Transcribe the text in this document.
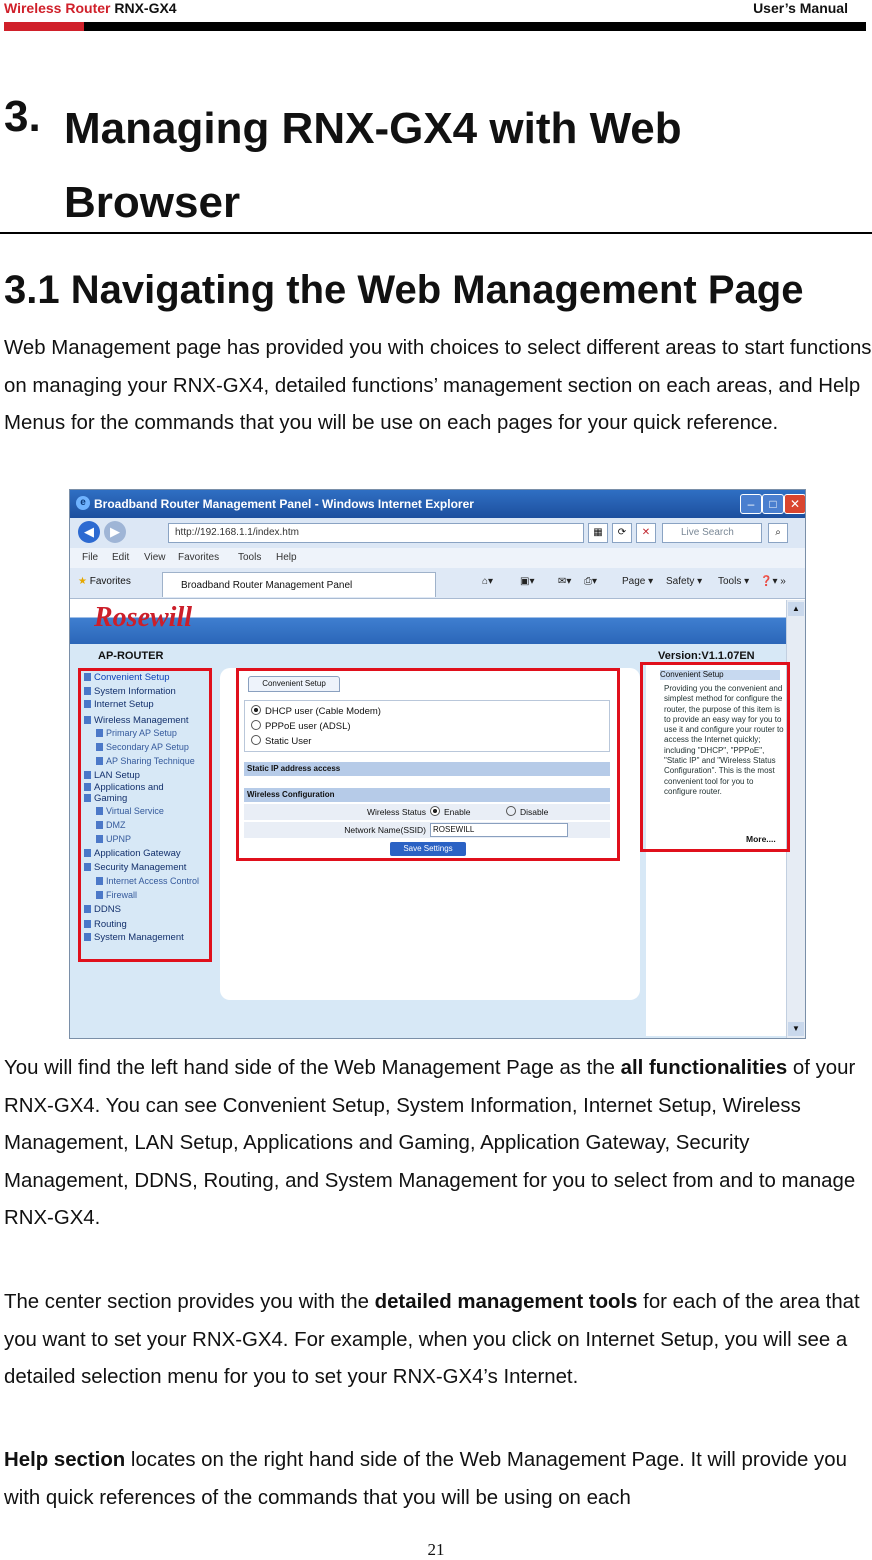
Wireless Router RNX-GX4	User’s Manual
3. Managing RNX-GX4 with Web Browser
3.1 Navigating the Web Management Page
Web Management page has provided you with choices to select different areas to start functions on managing your RNX-GX4, detailed functions’ management section on each areas, and Help Menus for the commands that you will be use on each pages for your quick reference.
e Broadband Router Management Panel - Windows Internet Explorer	–	□	✕
◀	▶	http://192.168.1.1/index.htm	▦	⟳	✕	Live Search	⌕
File Edit View Favorites Tools Help
★ Favorites	Broadband Router Management Panel	⌂▾	▣▾ ✉▾ ⎙▾ Page ▾ Safety ▾ Tools ▾ ❓▾ »
Rosewill
AP-ROUTER	Version:V1.1.07EN
Convenient Setup
System Information
Internet Setup
Wireless Management
Primary AP Setup
Secondary AP Setup
AP Sharing Technique
LAN Setup
Applications and
Gaming
Virtual Service
DMZ
UPNP
Application Gateway
Security Management
Internet Access Control
Firewall
DDNS
Routing
System Management
Convenient Setup
DHCP user (Cable Modem)
PPPoE user (ADSL)
Static User
Static IP address access
Wireless Configuration
Wireless Status	Enable	Disable
Network Name(SSID) ROSEWILL
Save Settings
Convenient Setup
Providing you the convenient and simplest method for configure the router, the purpose of this item is to provide an easy way for you to use it and configure your router to access the Internet quickly; including "DHCP", "PPPoE", "Static IP" and "Wireless Status Configuration". This is the most convenient tool for you to configure router.
More....
▲
▼
You will find the left hand side of the Web Management Page as the all functionalities of your RNX-GX4. You can see Convenient Setup, System Information, Internet Setup, Wireless Management, LAN Setup, Applications and Gaming, Application Gateway, Security Management, DDNS, Routing, and System Management for you to select from and to manage RNX-GX4.
The center section provides you with the detailed management tools for each of the area that you want to set your RNX-GX4. For example, when you click on Internet Setup, you will see a detailed selection menu for you to set your RNX-GX4’s Internet.
Help section locates on the right hand side of the Web Management Page. It will provide you with quick references of the commands that you will be using on each
21
